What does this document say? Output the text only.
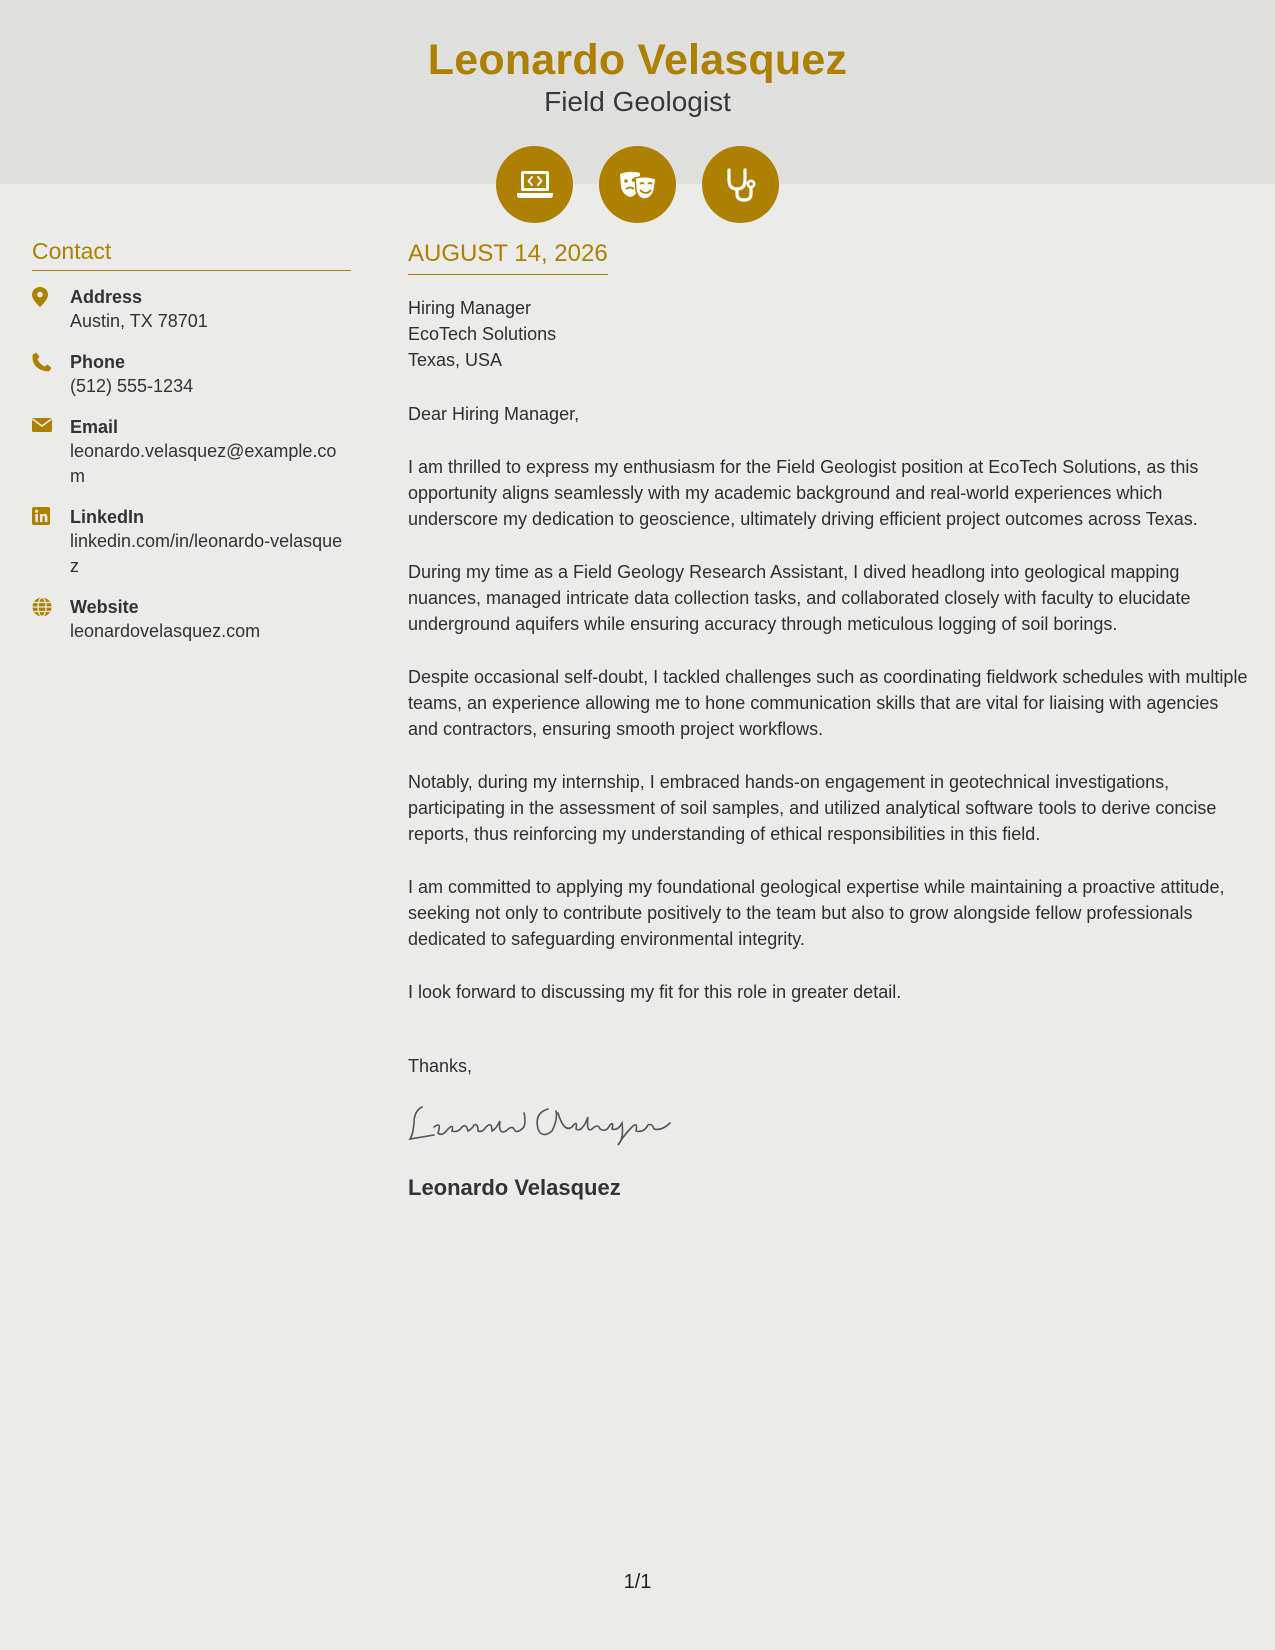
Leonardo Velasquez
Field Geologist
Contact
Address
Austin, TX 78701
Phone
(512) 555-1234
Email
leonardo.velasquez@example.com
LinkedIn
linkedin.com/in/leonardo-velasquez
Website
leonardovelasquez.com
AUGUST 14, 2026
Hiring Manager
EcoTech Solutions
Texas, USA

Dear Hiring Manager,

I am thrilled to express my enthusiasm for the Field Geologist position at EcoTech Solutions, as this opportunity aligns seamlessly with my academic background and real-world experiences which underscore my dedication to geoscience, ultimately driving efficient project outcomes across Texas.

During my time as a Field Geology Research Assistant, I dived headlong into geological mapping nuances, managed intricate data collection tasks, and collaborated closely with faculty to elucidate underground aquifers while ensuring accuracy through meticulous logging of soil borings.

Despite occasional self-doubt, I tackled challenges such as coordinating fieldwork schedules with multiple teams, an experience allowing me to hone communication skills that are vital for liaising with agencies and contractors, ensuring smooth project workflows.

Notably, during my internship, I embraced hands-on engagement in geotechnical investigations, participating in the assessment of soil samples, and utilized analytical software tools to derive concise reports, thus reinforcing my understanding of ethical responsibilities in this field.

I am committed to applying my foundational geological expertise while maintaining a proactive attitude, seeking not only to contribute positively to the team but also to grow alongside fellow professionals dedicated to safeguarding environmental integrity.

I look forward to discussing my fit for this role in greater detail.

Thanks,
Leonardo Velasquez
1/1
